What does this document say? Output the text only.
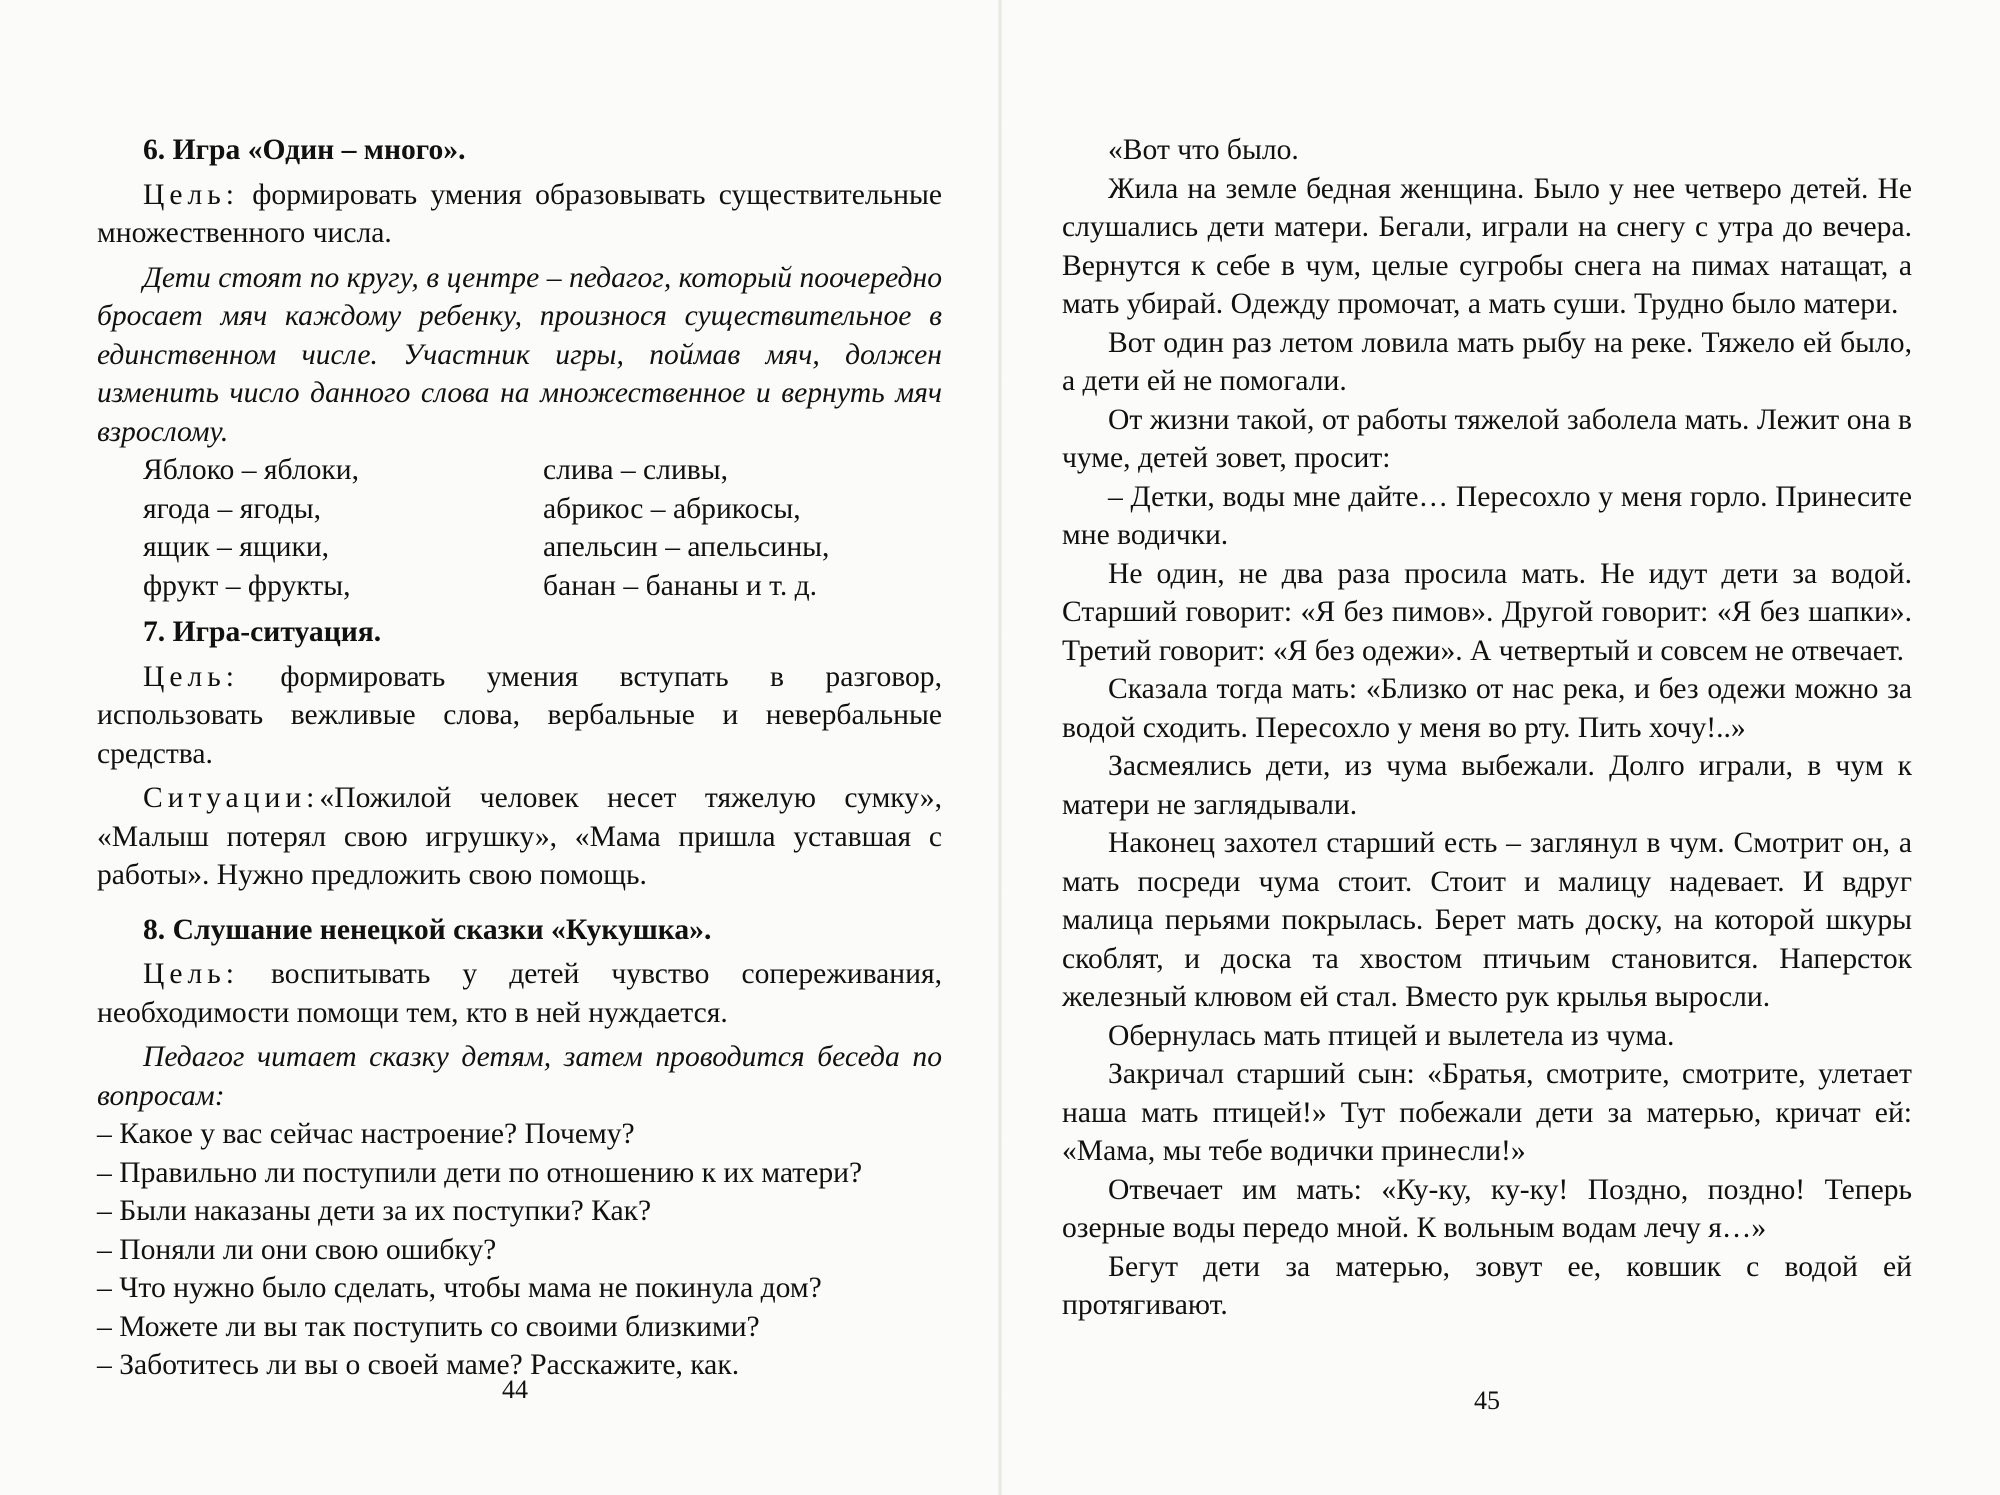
6. Игра «Один – много».

Цель: формировать умения образовывать существительные множественного числа.

Дети стоят по кругу, в центре – педагог, который поочередно бросает мяч каждому ребенку, произнося существительное в единственном числе. Участник игры, поймав мяч, должен изменить число данного слова на множественное и вернуть мяч взрослому.

Яблоко – яблоки,	слива – сливы,
ягода – ягоды,	абрикос – абрикосы,
ящик – ящики,	апельсин – апельсины,
фрукт – фрукты,	банан – бананы и т. д.

7. Игра-ситуация.

Цель: формировать умения вступать в разговор, использовать вежливые слова, вербальные и невербальные средства.

Ситуации:«Пожилой человек несет тяжелую сумку», «Малыш потерял свою игрушку», «Мама пришла уставшая с работы». Нужно предложить свою помощь.

8. Слушание ненецкой сказки «Кукушка».

Цель: воспитывать у детей чувство сопереживания, необходимости помощи тем, кто в ней нуждается.

Педагог читает сказку детям, затем проводится беседа по вопросам:

– Какое у вас сейчас настроение? Почему?

– Правильно ли поступили дети по отношению к их матери?

– Были наказаны дети за их поступки? Как?

– Поняли ли они свою ошибку?

– Что нужно было сделать, чтобы мама не покинула дом?

– Можете ли вы так поступить со своими близкими?

– Заботитесь ли вы о своей маме? Расскажите, как.

44

«Вот что было.

Жила на земле бедная женщина. Было у нее четверо детей. Не слушались дети матери. Бегали, играли на снегу с утра до вечера. Вернутся к себе в чум, целые сугробы снега на пимах натащат, а мать убирай. Одежду промочат, а мать суши. Трудно было матери.

Вот один раз летом ловила мать рыбу на реке. Тяжело ей было, а дети ей не помогали.

От жизни такой, от работы тяжелой заболела мать. Лежит она в чуме, детей зовет, просит:

– Детки, воды мне дайте… Пересохло у меня горло. Принесите мне водички.

Не один, не два раза просила мать. Не идут дети за водой. Старший говорит: «Я без пимов». Другой говорит: «Я без шапки». Третий говорит: «Я без одежи». А четвертый и совсем не отвечает.

Сказала тогда мать: «Близко от нас река, и без одежи можно за водой сходить. Пересохло у меня во рту. Пить хочу!..»

Засмеялись дети, из чума выбежали. Долго играли, в чум к матери не заглядывали.

Наконец захотел старший есть – заглянул в чум. Смотрит он, а мать посреди чума стоит. Стоит и малицу надевает. И вдруг малица перьями покрылась. Берет мать доску, на которой шкуры скоблят, и доска та хвостом птичьим становится. Наперсток железный клювом ей стал. Вместо рук крылья выросли.

Обернулась мать птицей и вылетела из чума.

Закричал старший сын: «Братья, смотрите, смотрите, улетает наша мать птицей!» Тут побежали дети за матерью, кричат ей: «Мама, мы тебе водички принесли!»

Отвечает им мать: «Ку-ку, ку-ку! Поздно, поздно! Теперь озерные воды передо мной. К вольным водам лечу я…»

Бегут дети за матерью, зовут ее, ковшик с водой ей протягивают.

45
